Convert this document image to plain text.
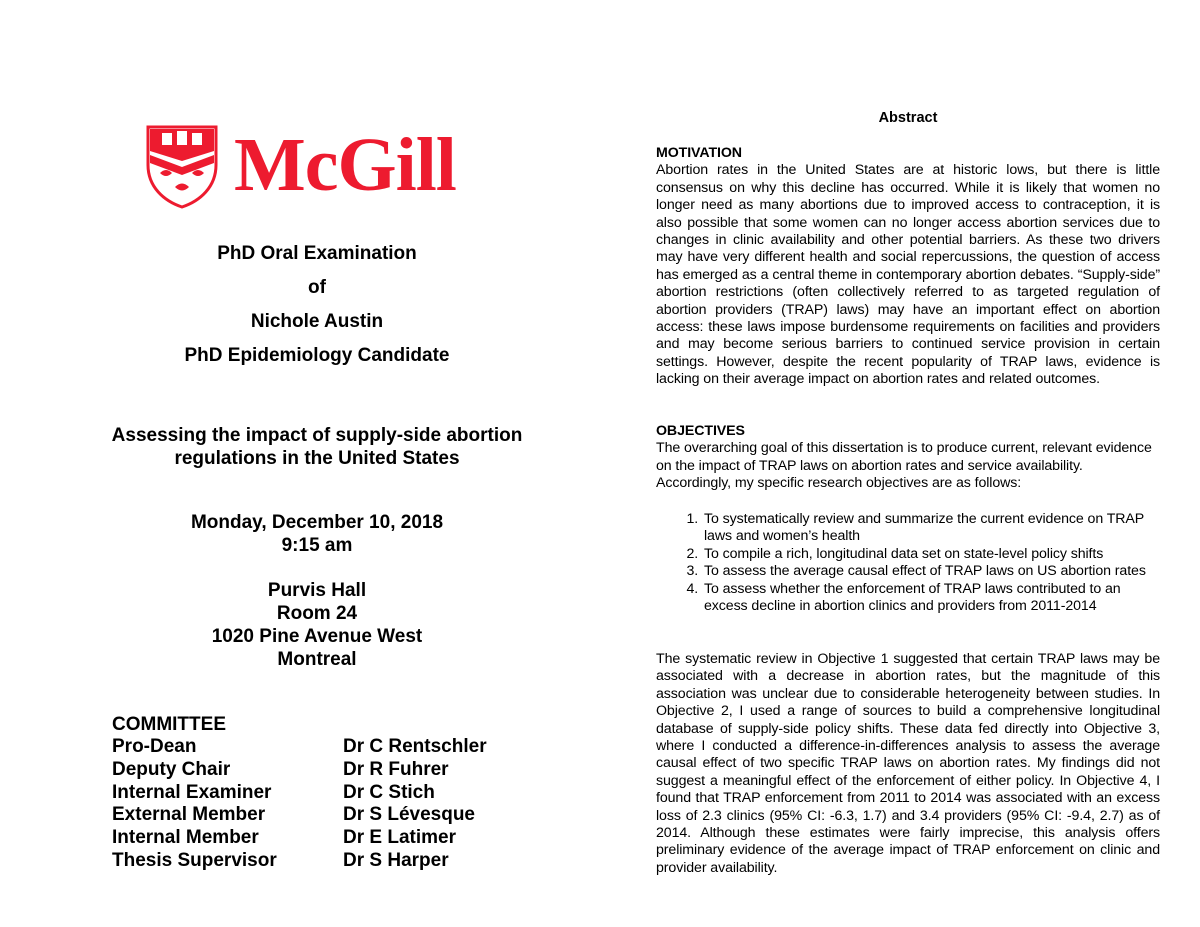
McGill
PhD Oral Examination
of
Nichole Austin
PhD Epidemiology Candidate
Assessing the impact of supply-side abortion
regulations in the United States
Monday, December 10, 2018
9:15 am
Purvis Hall
Room 24
1020 Pine Avenue West
Montreal
COMMITTEE
Pro-Dean	Dr C Rentschler
Deputy Chair	Dr R Fuhrer
Internal Examiner	Dr C Stich
External Member	Dr S Lévesque
Internal Member	Dr E Latimer
Thesis Supervisor	Dr S Harper
Abstract
MOTIVATION
Abortion rates in the United States are at historic lows, but there is little consensus on why this decline has occurred. While it is likely that women no longer need as many abortions due to improved access to contraception, it is also possible that some women can no longer access abortion services due to changes in clinic availability and other potential barriers. As these two drivers may have very different health and social repercussions, the question of access has emerged as a central theme in contemporary abortion debates. “Supply-side” abortion restrictions (often collectively referred to as targeted regulation of abortion providers (TRAP) laws) may have an important effect on abortion access: these laws impose burdensome requirements on facilities and providers and may become serious barriers to continued service provision in certain settings. However, despite the recent popularity of TRAP laws, evidence is lacking on their average impact on abortion rates and related outcomes.
OBJECTIVES
The overarching goal of this dissertation is to produce current, relevant evidence on the impact of TRAP laws on abortion rates and service availability. Accordingly, my specific research objectives are as follows:
1. To systematically review and summarize the current evidence on TRAP laws and women’s health
2. To compile a rich, longitudinal data set on state-level policy shifts
3. To assess the average causal effect of TRAP laws on US abortion rates
4. To assess whether the enforcement of TRAP laws contributed to an excess decline in abortion clinics and providers from 2011-2014
The systematic review in Objective 1 suggested that certain TRAP laws may be associated with a decrease in abortion rates, but the magnitude of this association was unclear due to considerable heterogeneity between studies. In Objective 2, I used a range of sources to build a comprehensive longitudinal database of supply-side policy shifts. These data fed directly into Objective 3, where I conducted a difference-in-differences analysis to assess the average causal effect of two specific TRAP laws on abortion rates. My findings did not suggest a meaningful effect of the enforcement of either policy. In Objective 4, I found that TRAP enforcement from 2011 to 2014 was associated with an excess loss of 2.3 clinics (95% CI: -6.3, 1.7) and 3.4 providers (95% CI: -9.4, 2.7) as of 2014. Although these estimates were fairly imprecise, this analysis offers preliminary evidence of the average impact of TRAP enforcement on clinic and provider availability.
